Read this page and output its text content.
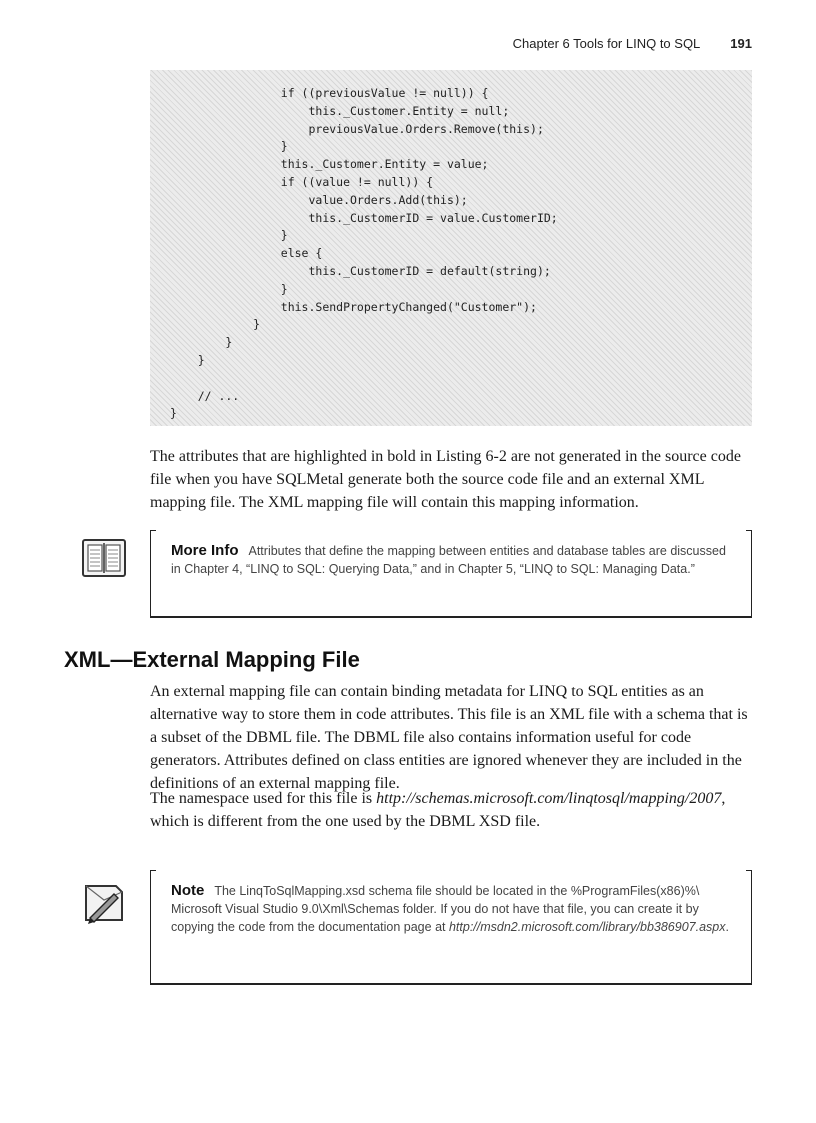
Chapter 6 Tools for LINQ to SQL 191
if ((previousValue != null)) {
this._Customer.Entity = null;
previousValue.Orders.Remove(this);
}
this._Customer.Entity = value;
if ((value != null)) {
value.Orders.Add(this);
this._CustomerID = value.CustomerID;
}
else {
this._CustomerID = default(string);
}
this.SendPropertyChanged("Customer");
}
}
}
// ...
}

The attributes that are highlighted in bold in Listing 6-2 are not generated in the source code file when you have SQLMetal generate both the source code file and an external XML mapping file. The XML mapping file will contain this mapping information.

More Info Attributes that define the mapping between entities and database tables are discussed in Chapter 4, “LINQ to SQL: Querying Data,” and in Chapter 5, “LINQ to SQL: Managing Data.”

XML—External Mapping File

An external mapping file can contain binding metadata for LINQ to SQL entities as an alternative way to store them in code attributes. This file is an XML file with a schema that is a subset of the DBML file. The DBML file also contains information useful for code generators. Attributes defined on class entities are ignored whenever they are included in the definitions of an external mapping file.

The namespace used for this file is http://schemas.microsoft.com/linqtosql/mapping/2007, which is different from the one used by the DBML XSD file.

Note The LinqToSqlMapping.xsd schema file should be located in the %ProgramFiles(x86)%\ Microsoft Visual Studio 9.0\Xml\Schemas folder. If you do not have that file, you can create it by copying the code from the documentation page at http://msdn2.microsoft.com/library/bb386907.aspx.
